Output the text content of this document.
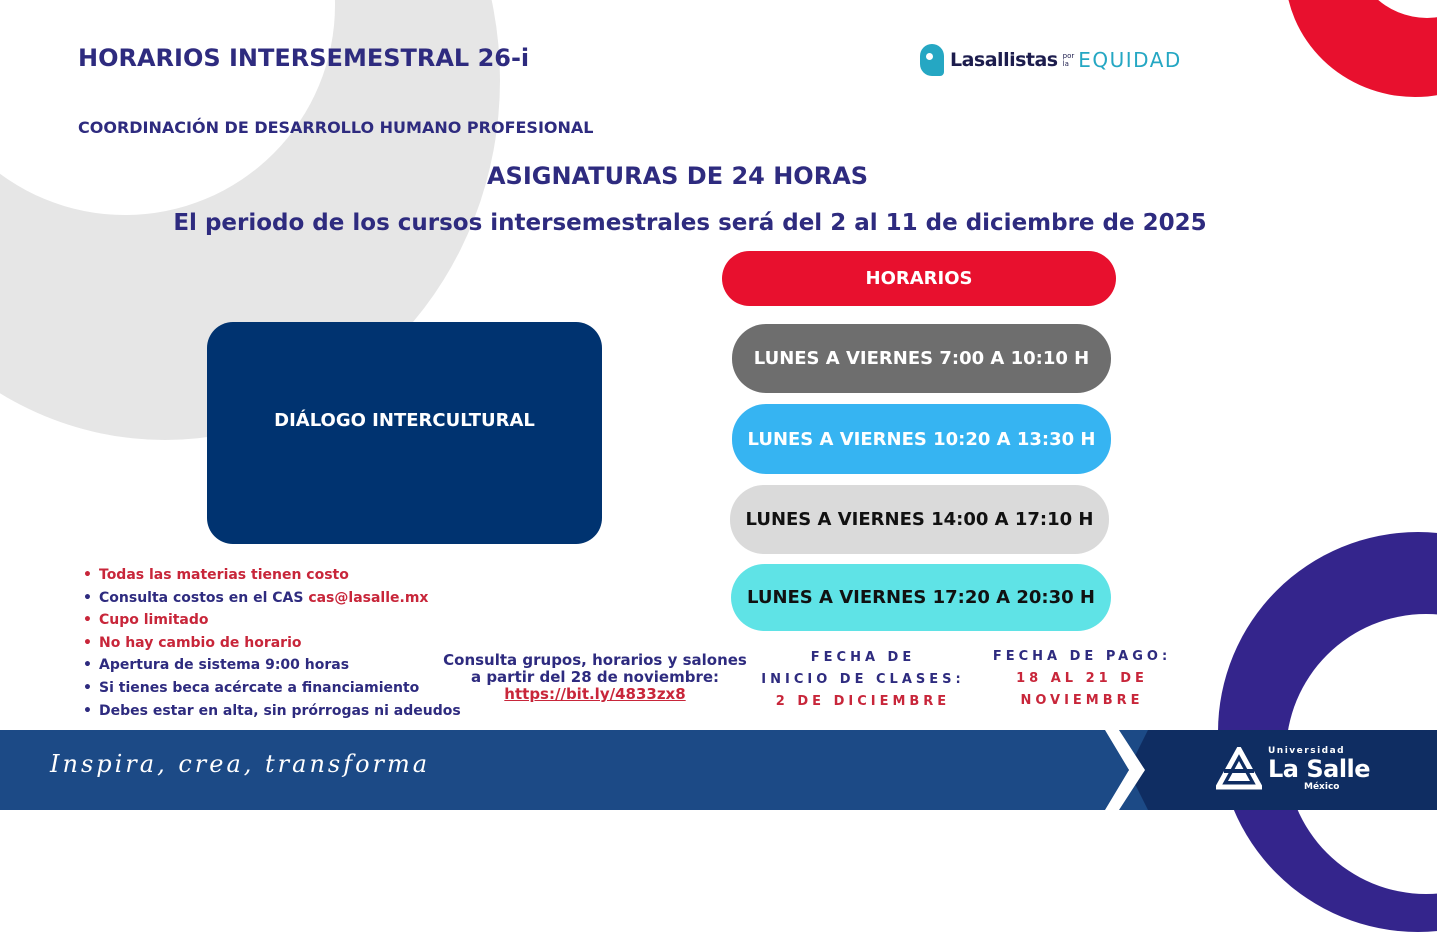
HORARIOS INTERSEMESTRAL 26-i
COORDINACIÓN DE DESARROLLO HUMANO PROFESIONAL
ASIGNATURAS DE 24 HORAS
El periodo de los cursos intersemestrales será del 2 al 11 de diciembre de 2025
Lasallistas por
la EQUIDAD
DIÁLOGO INTERCULTURAL
HORARIOS
LUNES A VIERNES 7:00 A 10:10 H
LUNES A VIERNES 10:20 A 13:30 H
LUNES A VIERNES 14:00 A 17:10 H
LUNES A VIERNES 17:20 A 20:30 H
• Todas las materias tienen costo
• Consulta costos en el CAS cas@lasalle.mx
• Cupo limitado
• No hay cambio de horario
• Apertura de sistema 9:00 horas
• Si tienes beca acércate a financiamiento
• Debes estar en alta, sin prórrogas ni adeudos
Consulta grupos, horarios y salones
a partir del 28 de noviembre:
https://bit.ly/4833zx8
FECHA DE
INICIO DE CLASES:
2 DE DICIEMBRE
FECHA DE PAGO:
18 AL 21 DE
NOVIEMBRE
Inspira, crea, transforma	Universidad
La Salle
México
